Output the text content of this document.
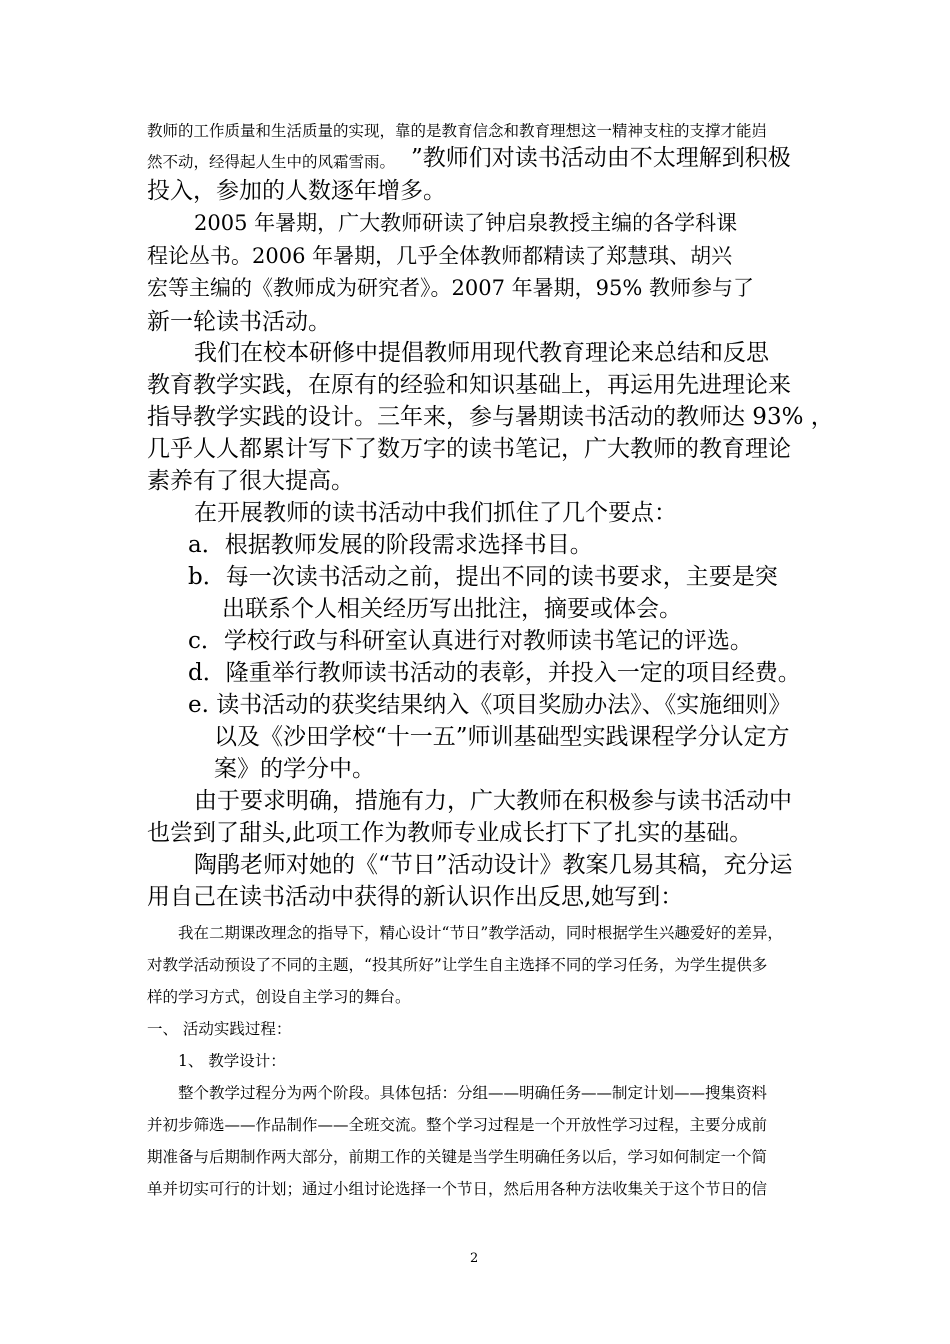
教师的工作质量和生活质量的实现，靠的是教育信念和教育理想这一精神支柱的支撑才能岿
然不动，经得起人生中的风霜雪雨。 ”教师们对读书活动由不太理解到积极
投入，参加的人数逐年增多。
2005 年暑期，广大教师研读了钟启泉教授主编的各学科课
程论丛书。2006 年暑期，几乎全体教师都精读了郑慧琪、胡兴
宏等主编的《教师成为研究者》。2007 年暑期，95% 教师参与了
新一轮读书活动。
我们在校本研修中提倡教师用现代教育理论来总结和反思
教育教学实践，在原有的经验和知识基础上，再运用先进理论来
指导教学实践的设计。三年来，参与暑期读书活动的教师达 93% ，
几乎人人都累计写下了数万字的读书笔记，广大教师的教育理论
素养有了很大提高。
在开展教师的读书活动中我们抓住了几个要点：
a．根据教师发展的阶段需求选择书目。
b．每一次读书活动之前，提出不同的读书要求，主要是突
出联系个人相关经历写出批注，摘要或体会。
c．学校行政与科研室认真进行对教师读书笔记的评选。
d．隆重举行教师读书活动的表彰，并投入一定的项目经费。
e. 读书活动的获奖结果纳入《项目奖励办法》、《实施细则》
以及《沙田学校“十一五”师训基础型实践课程学分认定方
案》的学分中。
由于要求明确，措施有力，广大教师在积极参与读书活动中
也尝到了甜头,此项工作为教师专业成长打下了扎实的基础。
陶鹃老师对她的《“节日”活动设计》教案几易其稿，充分运
用自己在读书活动中获得的新认识作出反思,她写到：
我在二期课改理念的指导下，精心设计“节日”教学活动，同时根据学生兴趣爱好的差异，
对教学活动预设了不同的主题，“投其所好”让学生自主选择不同的学习任务，为学生提供多
样的学习方式，创设自主学习的舞台。
一、 活动实践过程：
1、 教学设计：
整个教学过程分为两个阶段。具体包括：分组——明确任务——制定计划——搜集资料
并初步筛选——作品制作——全班交流。整个学习过程是一个开放性学习过程，主要分成前
期准备与后期制作两大部分，前期工作的关键是当学生明确任务以后，学习如何制定一个简
单并切实可行的计划；通过小组讨论选择一个节日，然后用各种方法收集关于这个节日的信
2
